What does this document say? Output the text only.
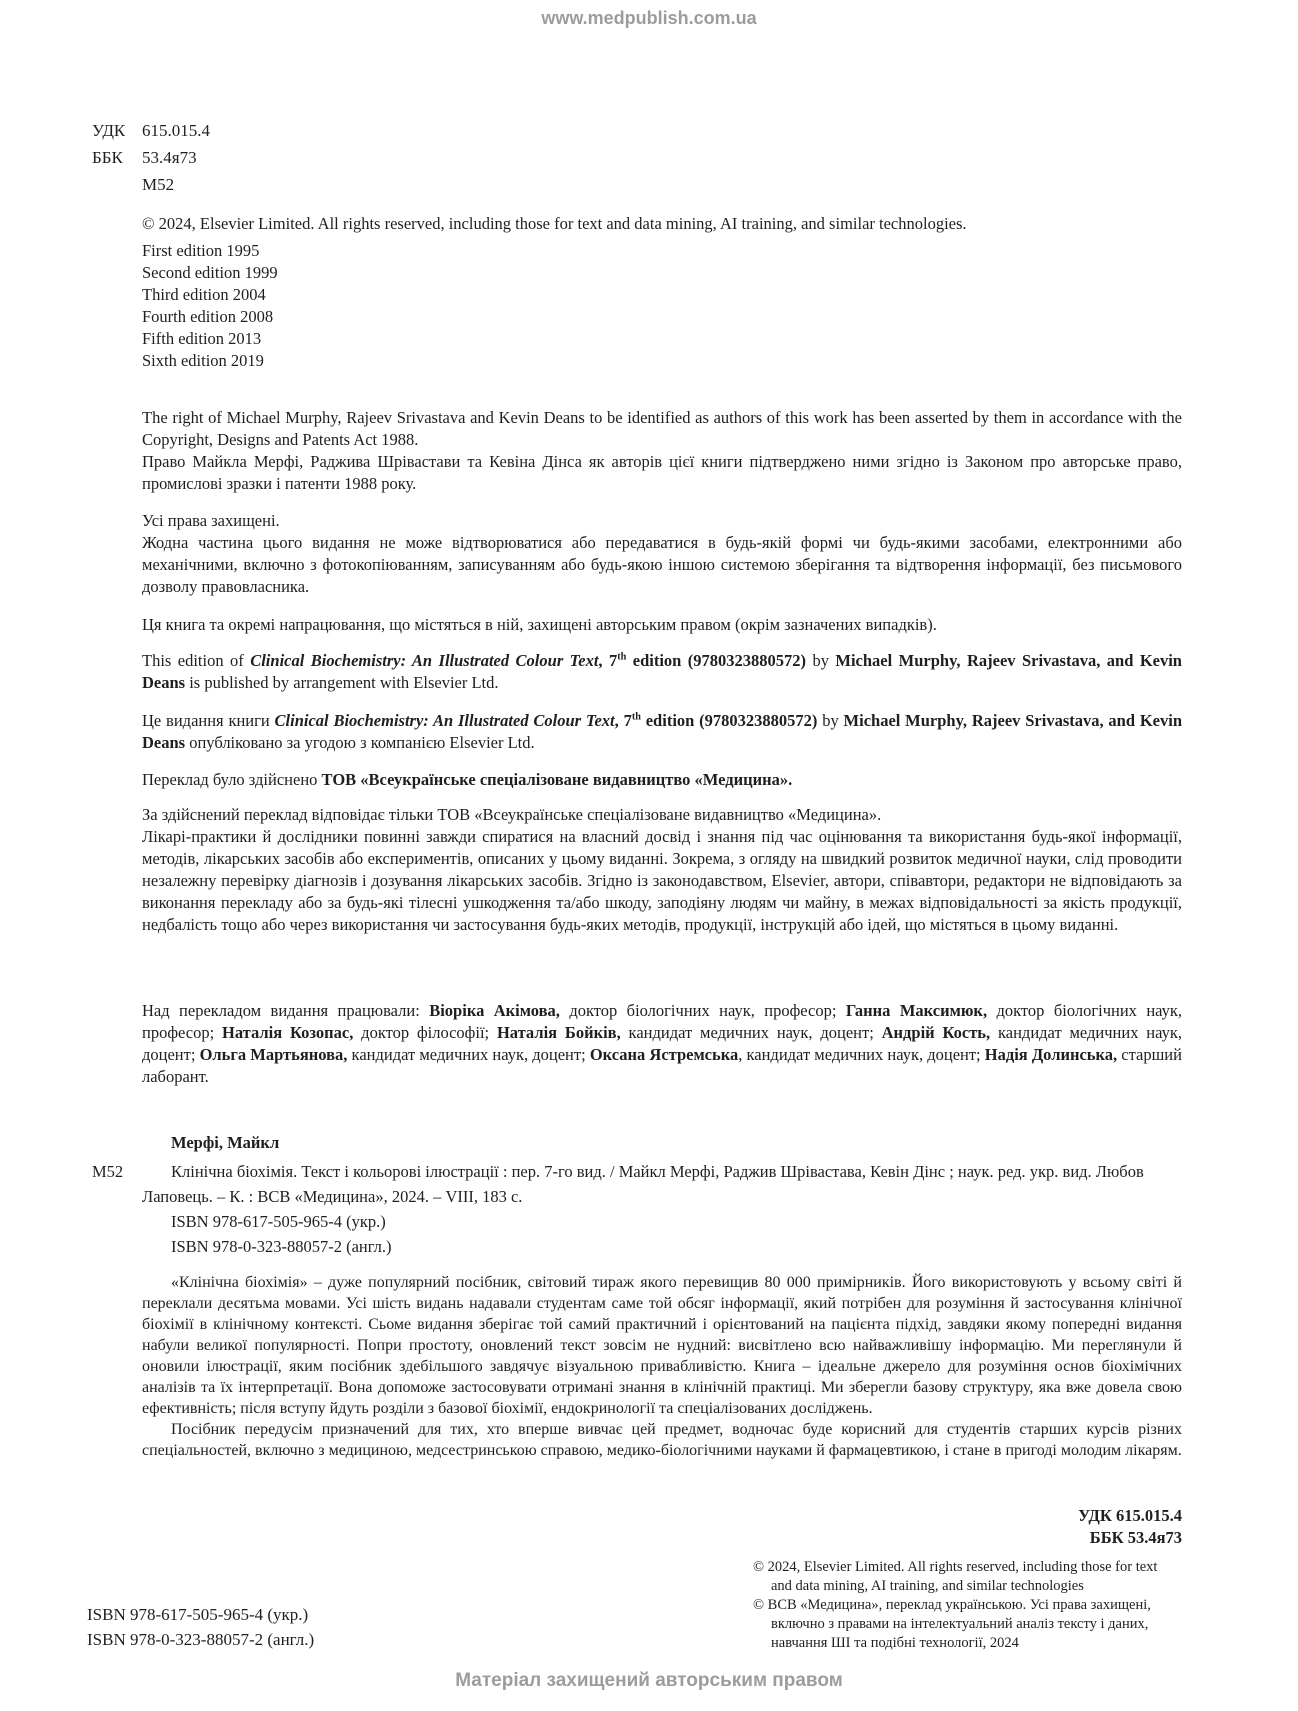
www.medpublish.com.ua
УДК 615.015.4
ББК	53.4я73
М52
© 2024, Elsevier Limited. All rights reserved, including those for text and data mining, AI training, and similar technologies.
First edition 1995
Second edition 1999
Third edition 2004
Fourth edition 2008
Fifth edition 2013
Sixth edition 2019
The right of Michael Murphy, Rajeev Srivastava and Kevin Deans to be identified as authors of this work has been asserted by them in accordance with the Copyright, Designs and Patents Act 1988.
Право Майкла Мерфі, Раджива Шрівастави та Кевіна Дінса як авторів цієї книги підтверджено ними згідно із Законом про авторське право, промислові зразки і патенти 1988 року.
Усі права захищені.
Жодна частина цього видання не може відтворюватися або передаватися в будь-якій формі чи будь-якими засобами, електронними або механічними, включно з фотокопіюванням, записуванням або будь-якою іншою системою зберігання та відтворення інформації, без письмового дозволу правовласника.
Ця книга та окремі напрацювання, що містяться в ній, захищені авторським правом (окрім зазначених випадків).
This edition of Clinical Biochemistry: An Illustrated Colour Text, 7th edition (9780323880572) by Michael Murphy, Rajeev Srivastava, and Kevin Deans is published by arrangement with Elsevier Ltd.
Це видання книги Clinical Biochemistry: An Illustrated Colour Text, 7th edition (9780323880572) by Michael Murphy, Rajeev Srivastava, and Kevin Deans опубліковано за угодою з компанією Elsevier Ltd.
Переклад було здійснено ТОВ «Всеукраїнське спеціалізоване видавництво «Медицина».
За здійснений переклад відповідає тільки ТОВ «Всеукраїнське спеціалізоване видавництво «Медицина».
Лікарі-практики й дослідники повинні завжди спиратися на власний досвід і знання під час оцінювання та використання будь-якої інформації, методів, лікарських засобів або експериментів, описаних у цьому виданні. Зокрема, з огляду на швидкий розвиток медичної науки, слід проводити незалежну перевірку діагнозів і дозування лікарських засобів. Згідно із законодавством, Elsevier, автори, співавтори, редактори не відповідають за виконання перекладу або за будь-які тілесні ушкодження та/або шкоду, заподіяну людям чи майну, в межах відповідальності за якість продукції, недбалість тощо або через використання чи застосування будь-яких методів, продукції, інструкцій або ідей, що містяться в цьому виданні.
Над перекладом видання працювали: Віоріка Акімова, доктор біологічних наук, професор; Ганна Максимюк, доктор біологічних наук, професор; Наталія Козопас, доктор філософії; Наталія Бойків, кандидат медичних наук, доцент; Андрій Кость, кандидат медичних наук, доцент; Ольга Мартьянова, кандидат медичних наук, доцент; Оксана Ястремська, кандидат медичних наук, доцент; Надія Долинська, старший лаборант.
Мерфі, Майкл
М52	Клінічна біохімія. Текст і кольорові ілюстрації : пер. 7-го вид. / Майкл Мерфі, Раджив Шрівастава, Кевін Дінс ; наук. ред. укр. вид. Любов Лаповець. – К. : ВСВ «Медицина», 2024. – VIII, 183 с.
ISBN 978-617-505-965-4 (укр.)
ISBN 978-0-323-88057-2 (англ.)
«Клінічна біохімія» – дуже популярний посібник, світовий тираж якого перевищив 80 000 примірників. Його використовують у всьому світі й переклали десятьма мовами. Усі шість видань надавали студентам саме той обсяг інформації, який потрібен для розуміння й застосування клінічної біохімії в клінічному контексті. Сьоме видання зберігає той самий практичний і орієнтований на пацієнта підхід, завдяки якому попередні видання набули великої популярності. Попри простоту, оновлений текст зовсім не нудний: висвітлено всю найважливішу інформацію. Ми переглянули й оновили ілюстрації, яким посібник здебільшого завдячує візуальною привабливістю. Книга – ідеальне джерело для розуміння основ біохімічних аналізів та їх інтерпретації. Вона допоможе застосовувати отримані знання в клінічній практиці. Ми зберегли базову структуру, яка вже довела свою ефективність; після вступу йдуть розділи з базової біохімії, ендокринології та спеціалізованих досліджень.
Посібник передусім призначений для тих, хто вперше вивчає цей предмет, водночас буде корисний для студентів старших курсів різних спеціальностей, включно з медициною, медсестринською справою, медико-біологічними науками й фармацевтикою, і стане в пригоді молодим лікарям.
УДК 615.015.4
ББК 53.4я73
© 2024, Elsevier Limited. All rights reserved, including those for text
and data mining, AI training, and similar technologies
© ВСВ «Медицина», переклад українською. Усі права захищені,
включно з правами на інтелектуальний аналіз тексту і даних,
навчання ШІ та подібні технології, 2024
ISBN 978-617-505-965-4 (укр.)
ISBN 978-0-323-88057-2 (англ.)
Матеріал захищений авторським правом
